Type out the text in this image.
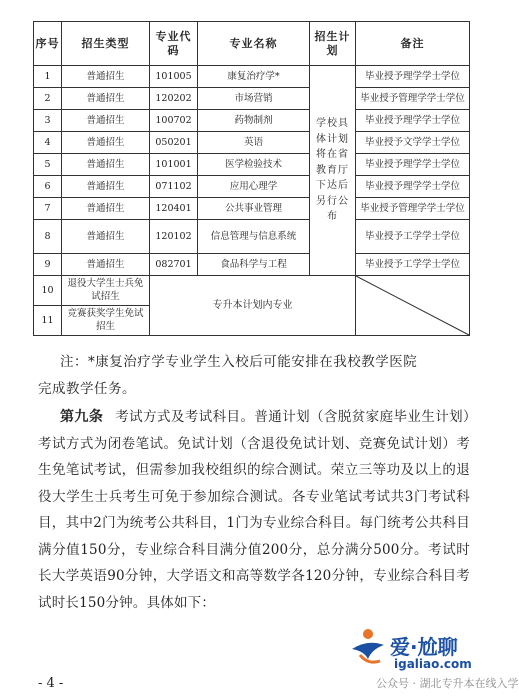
序号	招生类型	专业代码	专业名称	招生计划	备注
1	普通招生	101005	康复治疗学*	学校具体计划将在省教育厅下达后另行公布	毕业授予理学学士学位
2	普通招生	120202	市场营销		毕业授予管理学学士学位
3	普通招生	100702	药物制剂		毕业授予理学学士学位
4	普通招生	050201	英语		毕业授予文学学士学位
5	普通招生	101001	医学检验技术		毕业授予理学学士学位
6	普通招生	071102	应用心理学		毕业授予理学学士学位
7	普通招生	120401	公共事业管理		毕业授予管理学学士学位
8	普通招生	120102	信息管理与信息系统		毕业授予工学学士学位
9	普通招生	082701	食品科学与工程		毕业授予工学学士学位
10	退役大学生士兵免试招生	专升本计划内专业	

11	竞赛获奖学生免试招生				
注：*康复治疗学专业学生入校后可能安排在我校教学医院
完成教学任务。
第九条 考试方式及考试科目。普通计划（含脱贫家庭毕业生计划）考试方式为闭卷笔试。免试计划（含退役免试计划、竞赛免试计划）考生免笔试考试，但需参加我校组织的综合测试。荣立三等功及以上的退役大学生士兵考生可免于参加综合测试。各专业笔试考试共3门考试科目，其中2门为统考公共科目，1门为专业综合科目。每门统考公共科目满分值150分，专业综合科目满分值200分，总分满分500分。考试时长大学英语90分钟，大学语文和高等数学各120分钟，专业综合科目考试时长150分钟。具体如下：
- 4 -
爱·尬聊
igaliao.com
公众号 · 湖北专升本在线入学
